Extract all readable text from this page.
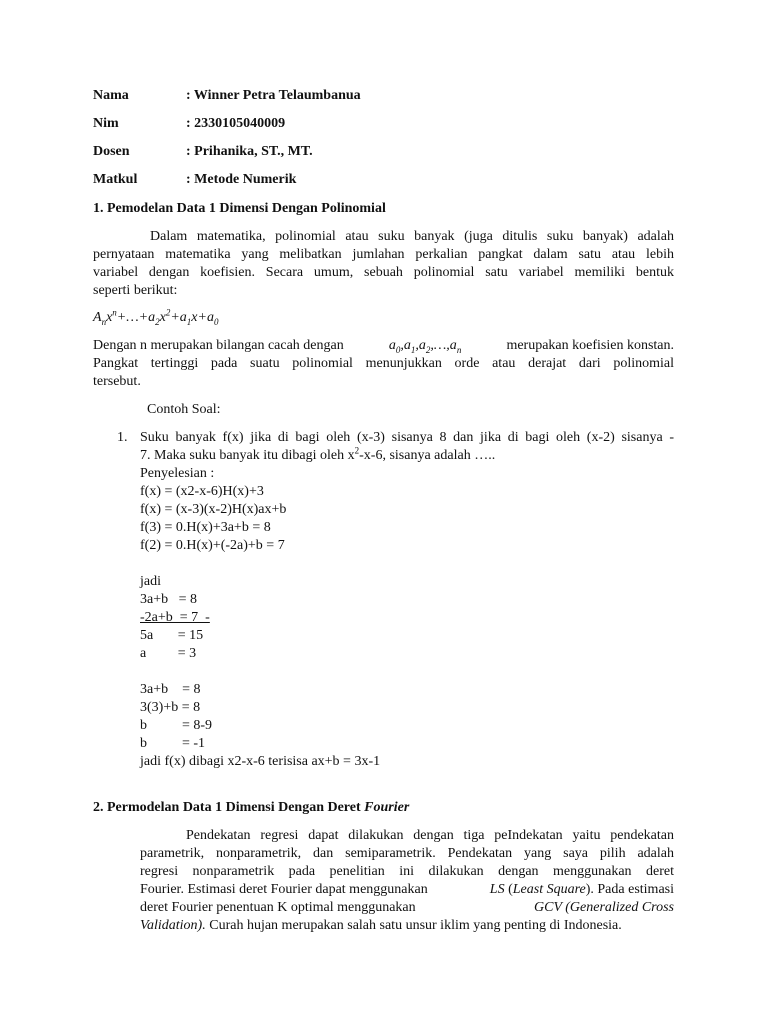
Nama	: Winner Petra Telaumbanua
Nim	: 2330105040009
Dosen	: Prihanika, ST., MT.
Matkul	: Metode Numerik
1. Pemodelan Data 1 Dimensi Dengan Polinomial
Dalam matematika, polinomial atau suku banyak (juga ditulis suku banyak) adalah
pernyataan matematika yang melibatkan jumlahan perkalian pangkat dalam satu atau lebih
variabel dengan koefisien. Secara umum, sebuah polinomial satu variabel memiliki bentuk
seperti berikut:
$A_nx^n+\dots+a_2x^2+a_1x+a_0$
Dengan n merupakan bilangan cacah dengan	$a_0,a_1,a_2,\dots,a_n$	merupakan koefisien konstan.
Pangkat tertinggi pada suatu polinomial menunjukkan orde atau derajat dari polinomial
tersebut.
Contoh Soal:
1. Suku banyak f(x) jika di bagi oleh (x-3) sisanya 8 dan jika di bagi oleh (x-2) sisanya -
7. Maka suku banyak itu dibagi oleh $x^2-x-6$, sisanya adalah …..
Penyelesian :
f(x) = (x2-x-6)H(x)+3
f(x) = (x-3)(x-2)H(x)ax+b
f(3) = 0.H(x)+3a+b = 8
f(2) = 0.H(x)+(-2a)+b = 7
jadi
3a+b   = 8
-2a+b  = 7  -
5a       = 15
a         = 3
3a+b    = 8
3(3)+b = 8
b          = 8-9
b          = -1
jadi f(x) dibagi x2-x-6 terisisa ax+b = 3x-1
2. Permodelan Data 1 Dimensi Dengan Deret Fourier
Pendekatan regresi dapat dilakukan dengan tiga peIndekatan yaitu pendekatan
parametrik, nonparametrik, dan semiparametrik. Pendekatan yang saya pilih adalah
regresi nonparametrik pada penelitian ini dilakukan dengan menggunakan deret
Fourier. Estimasi deret Fourier dapat menggunakan	LS (Least Square). Pada estimasi
deret Fourier penentuan K optimal menggunakan	GCV (Generalized Cross
Validation). Curah hujan merupakan salah satu unsur iklim yang penting di Indonesia.
